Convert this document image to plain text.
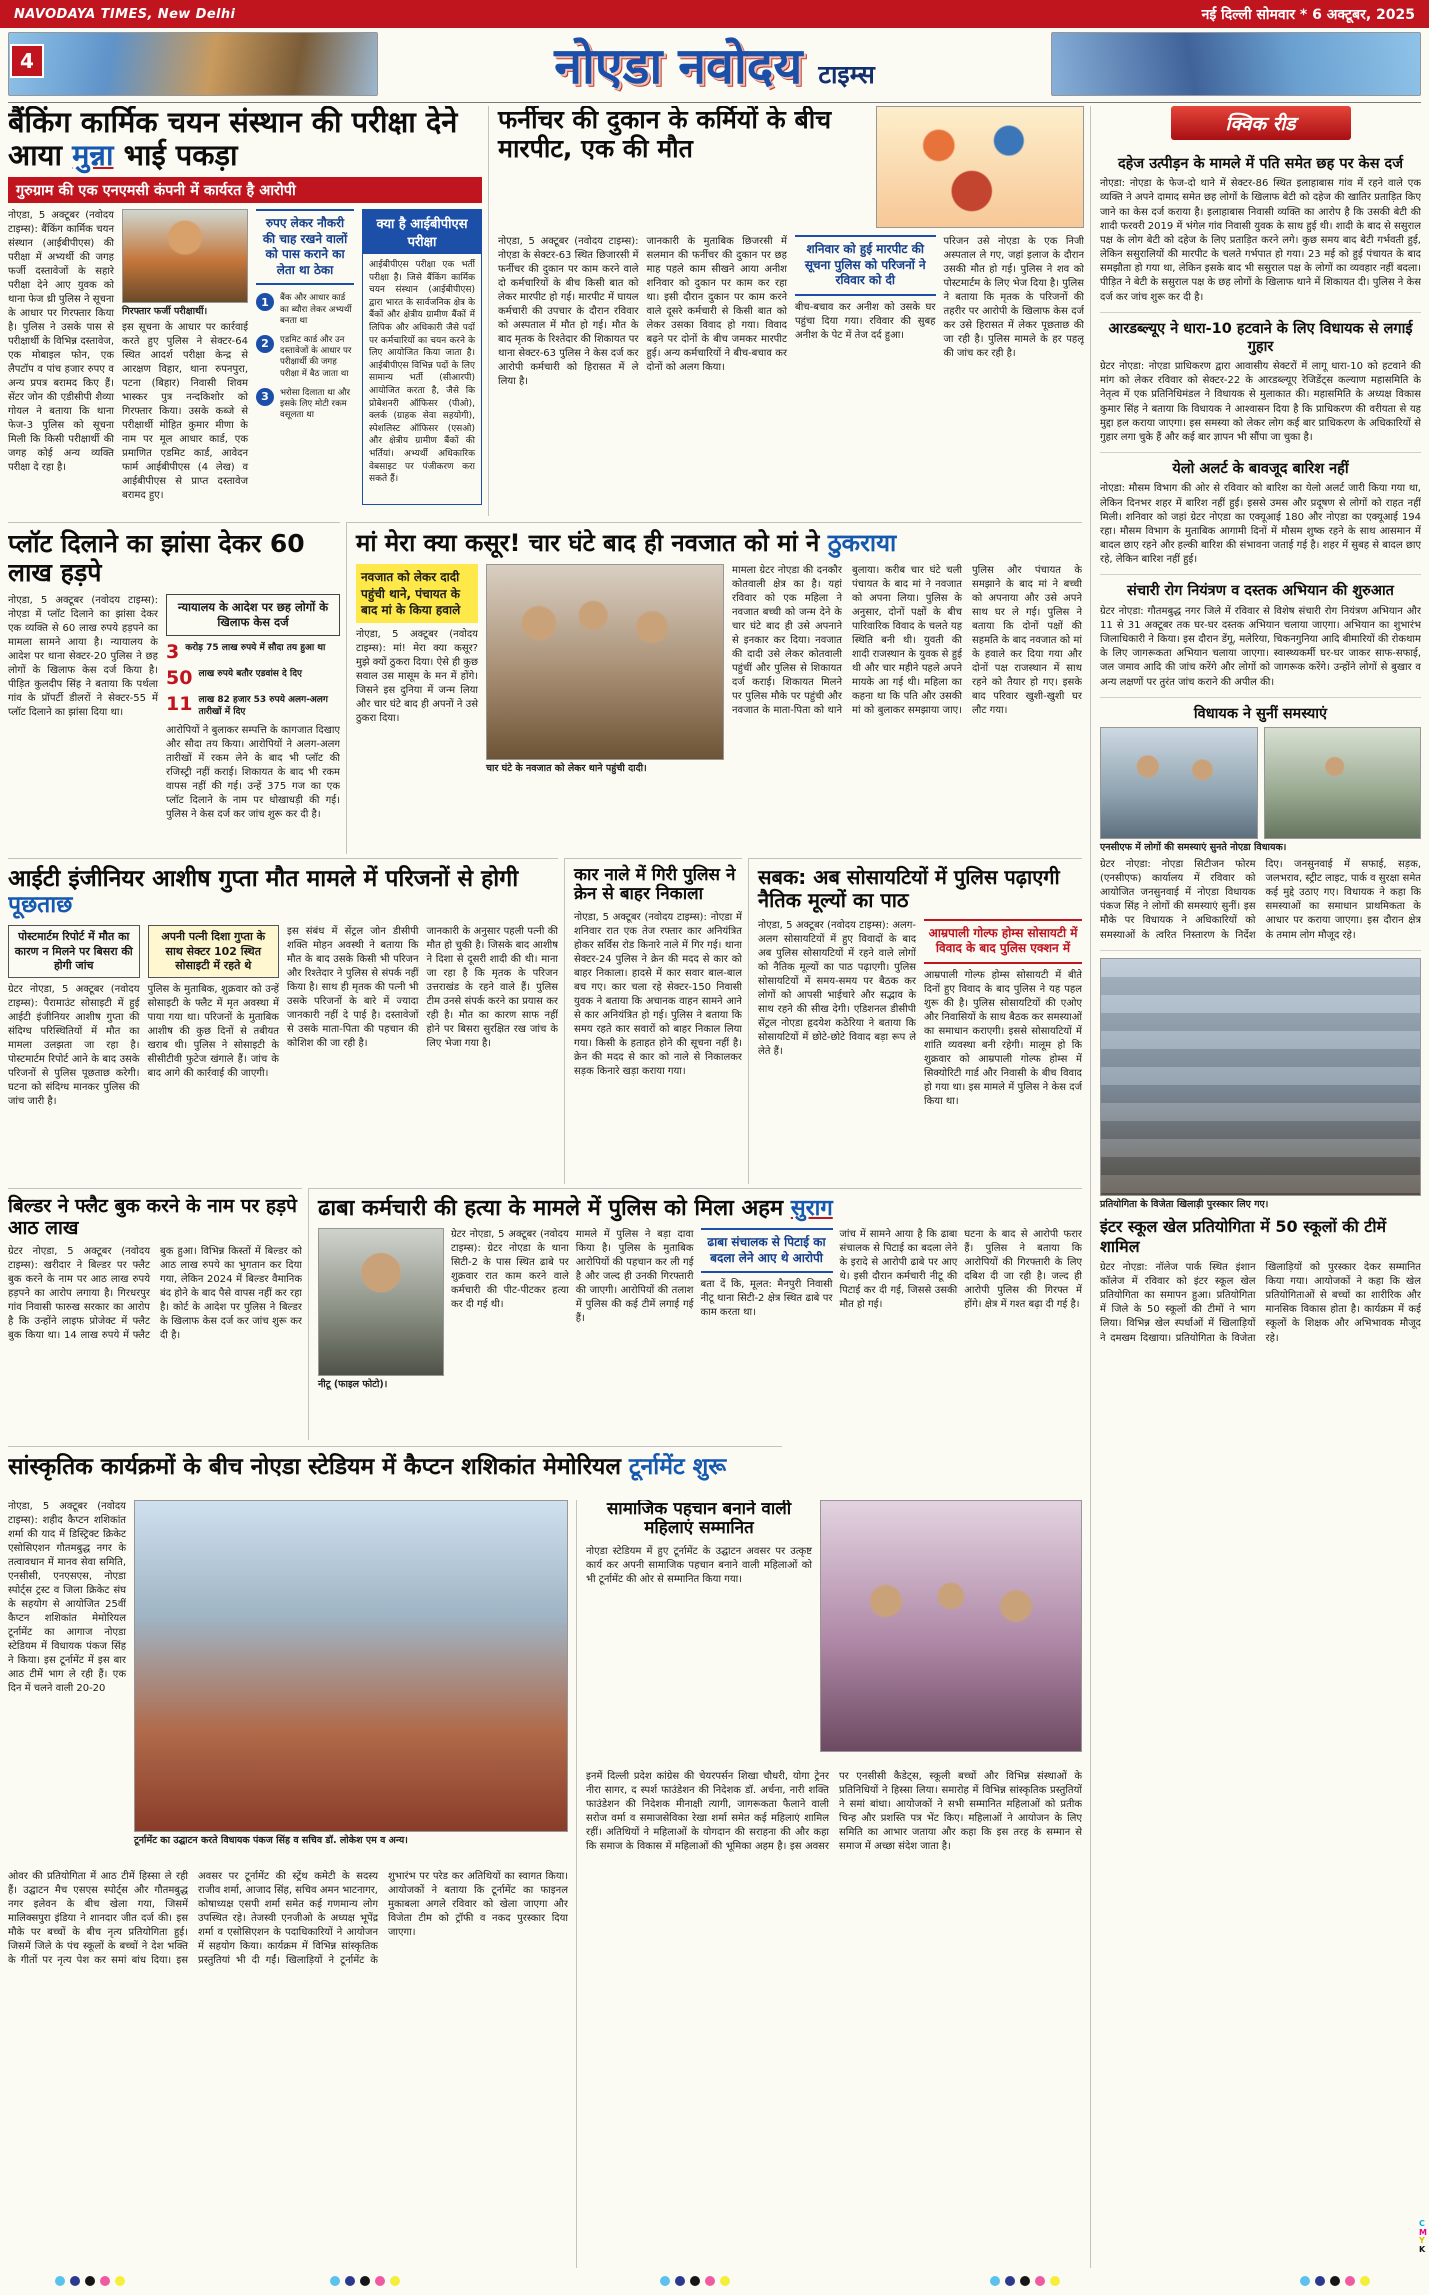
NAVODAYA TIMES, New Delhi	नई दिल्ली सोमवार * 6 अक्टूबर, 2025
नोएडा नवोदय टाइम्स
4
बैंकिंग कार्मिक चयन संस्थान की परीक्षा देने आया मुन्ना भाई पकड़ा
गुरुग्राम की एक एनएमसी कंपनी में कार्यरत है आरोपी
नोएडा, 5 अक्टूबर (नवोदय टाइम्स): बैंकिंग कार्मिक चयन संस्थान (आईबीपीएस) की परीक्षा में अभ्यर्थी की जगह फर्जी दस्तावेजों के सहारे परीक्षा देने आए युवक को थाना फेज थ्री पुलिस ने सूचना के आधार पर गिरफ्तार किया है। पुलिस ने उसके पास से परीक्षार्थी के विभिन्न दस्तावेज, एक मोबाइल फोन, एक लैपटॉप व पांच हजार रुपए व अन्य प्रपत्र बरामद किए हैं। सेंटर जोन की एडीसीपी शैव्या गोयल ने बताया कि थाना फेज-3 पुलिस को सूचना मिली कि किसी परीक्षार्थी की जगह कोई अन्य व्यक्ति परीक्षा दे रहा है।
गिरफ्तार फर्जी परीक्षार्थी।
इस सूचना के आधार पर कार्रवाई करते हुए पुलिस ने सेक्टर-64 स्थित आदर्श परीक्षा केन्द्र से आरक्षण विहार, थाना रुपनपुरा, पटना (बिहार) निवासी शिवम भास्कर पुत्र नन्दकिशोर को गिरफ्तार किया। उसके कब्जे से परीक्षार्थी मोहित कुमार मीणा के नाम पर मूल आधार कार्ड, एक प्रमाणित एडमिट कार्ड, आवेदन फार्म आईबीपीएस (4 लेख) व आईबीपीएस से प्राप्त दस्तावेज बरामद हुए।
रुपए लेकर नौकरी की चाह रखने वालों को पास कराने का लेता था ठेका
1	बैंक और आधार कार्ड का ब्यौरा लेकर अभ्यर्थी बनता था
2	एडमिट कार्ड और उन दस्तावेजों के आधार पर परीक्षार्थी की जगह परीक्षा में बैठ जाता था
3	भरोसा दिलाता था और इसके लिए मोटी रकम वसूलता था
क्या है आईबीपीएस परीक्षा
आईबीपीएस परीक्षा एक भर्ती परीक्षा है। जिसे बैंकिंग कार्मिक चयन संस्थान (आईबीपीएस) द्वारा भारत के सार्वजनिक क्षेत्र के बैंकों और क्षेत्रीय ग्रामीण बैंकों में लिपिक और अधिकारी जैसे पदों पर कर्मचारियों का चयन करने के लिए आयोजित किया जाता है। आईबीपीएस विभिन्न पदों के लिए सामान्य भर्ती (सीआरपी) आयोजित करता है, जैसे कि प्रोबेशनरी ऑफिसर (पीओ), क्लर्क (ग्राहक सेवा सहयोगी), स्पेशलिस्ट ऑफिसर (एसओ) और क्षेत्रीय ग्रामीण बैंकों की भर्तियां। अभ्यर्थी अधिकारिक वेबसाइट पर पंजीकरण करा सकते हैं।
फर्नीचर की दुकान के कर्मियों के बीच मारपीट, एक की मौत
नोएडा, 5 अक्टूबर (नवोदय टाइम्स): नोएडा के सेक्टर-63 स्थित छिजारसी में फर्नीचर की दुकान पर काम करने वाले दो कर्मचारियों के बीच किसी बात को लेकर मारपीट हो गई। मारपीट में घायल कर्मचारी की उपचार के दौरान रविवार को अस्पताल में मौत हो गई। मौत के बाद मृतक के रिश्तेदार की शिकायत पर थाना सेक्टर-63 पुलिस ने केस दर्ज कर आरोपी कर्मचारी को हिरासत में ले लिया है।
जानकारी के मुताबिक छिजरसी में सलमान की फर्नीचर की दुकान पर छह माह पहले काम सीखने आया अनीश शनिवार को दुकान पर काम कर रहा था। इसी दौरान दुकान पर काम करने वाले दूसरे कर्मचारी से किसी बात को लेकर उसका विवाद हो गया। विवाद बढ़ने पर दोनों के बीच जमकर मारपीट हुई। अन्य कर्मचारियों ने बीच-बचाव कर दोनों को अलग किया।
शनिवार को हुई मारपीट की सूचना पुलिस को परिजनों ने रविवार को दी
बीच-बचाव कर अनीश को उसके घर पहुंचा दिया गया। रविवार की सुबह अनीश के पेट में तेज दर्द हुआ।
परिजन उसे नोएडा के एक निजी अस्पताल ले गए, जहां इलाज के दौरान उसकी मौत हो गई। पुलिस ने शव को पोस्टमार्टम के लिए भेज दिया है। पुलिस ने बताया कि मृतक के परिजनों की तहरीर पर आरोपी के खिलाफ केस दर्ज कर उसे हिरासत में लेकर पूछताछ की जा रही है। पुलिस मामले के हर पहलू की जांच कर रही है।
क्विक रीड
दहेज उत्पीड़न के मामले में पति समेत छह पर केस दर्ज
नोएडा: नोएडा के फेज-दो थाने में सेक्टर-86 स्थित इलाहाबास गांव में रहने वाले एक व्यक्ति ने अपने दामाद समेत छह लोगों के खिलाफ बेटी को दहेज की खातिर प्रताड़ित किए जाने का केस दर्ज कराया है। इलाहाबास निवासी व्यक्ति का आरोप है कि उसकी बेटी की शादी फरवरी 2019 में भंगेल गांव निवासी युवक के साथ हुई थी। शादी के बाद से ससुराल पक्ष के लोग बेटी को दहेज के लिए प्रताड़ित करने लगे। कुछ समय बाद बेटी गर्भवती हुई, लेकिन ससुरालियों की मारपीट के चलते गर्भपात हो गया। 23 मई को हुई पंचायत के बाद समझौता हो गया था, लेकिन इसके बाद भी ससुराल पक्ष के लोगों का व्यवहार नहीं बदला। पीड़ित ने बेटी के ससुराल पक्ष के छह लोगों के खिलाफ थाने में शिकायत दी। पुलिस ने केस दर्ज कर जांच शुरू कर दी है।
आरडब्ल्यूए ने धारा-10 हटवाने के लिए विधायक से लगाई गुहार
ग्रेटर नोएडा: नोएडा प्राधिकरण द्वारा आवासीय सेक्टरों में लागू धारा-10 को हटवाने की मांग को लेकर रविवार को सेक्टर-22 के आरडब्ल्यूए रेजिडेंट्स कल्याण महासमिति के नेतृत्व में एक प्रतिनिधिमंडल ने विधायक से मुलाकात की। महासमिति के अध्यक्ष विकास कुमार सिंह ने बताया कि विधायक ने आश्वासन दिया है कि प्राधिकरण की वरीयता से यह मुद्दा हल कराया जाएगा। इस समस्या को लेकर लोग कई बार प्राधिकरण के अधिकारियों से गुहार लगा चुके हैं और कई बार ज्ञापन भी सौंपा जा चुका है।
येलो अलर्ट के बावजूद बारिश नहीं
नोएडा: मौसम विभाग की ओर से रविवार को बारिश का येलो अलर्ट जारी किया गया था, लेकिन दिनभर शहर में बारिश नहीं हुई। इससे उमस और प्रदूषण से लोगों को राहत नहीं मिली। शनिवार को जहां ग्रेटर नोएडा का एक्यूआई 180 और नोएडा का एक्यूआई 194 रहा। मौसम विभाग के मुताबिक आगामी दिनों में मौसम शुष्क रहने के साथ आसमान में बादल छाए रहने और हल्की बारिश की संभावना जताई गई है। शहर में सुबह से बादल छाए रहे, लेकिन बारिश नहीं हुई।
संचारी रोग नियंत्रण व दस्तक अभियान की शुरुआत
ग्रेटर नोएडा: गौतमबुद्ध नगर जिले में रविवार से विशेष संचारी रोग नियंत्रण अभियान और 11 से 31 अक्टूबर तक घर-घर दस्तक अभियान चलाया जाएगा। अभियान का शुभारंभ जिलाधिकारी ने किया। इस दौरान डेंगू, मलेरिया, चिकनगुनिया आदि बीमारियों की रोकथाम के लिए जागरूकता अभियान चलाया जाएगा। स्वास्थ्यकर्मी घर-घर जाकर साफ-सफाई, जल जमाव आदि की जांच करेंगे और लोगों को जागरूक करेंगे। उन्होंने लोगों से बुखार व अन्य लक्षणों पर तुरंत जांच कराने की अपील की।
विधायक ने सुनीं समस्याएं
एनसीएफ में लोगों की समस्याएं सुनते नोएडा विधायक।
ग्रेटर नोएडा: नोएडा सिटीजन फोरम (एनसीएफ) कार्यालय में रविवार को आयोजित जनसुनवाई में नोएडा विधायक पंकज सिंह ने लोगों की समस्याएं सुनीं। इस मौके पर विधायक ने अधिकारियों को समस्याओं के त्वरित निस्तारण के निर्देश दिए। जनसुनवाई में सफाई, सड़क, जलभराव, स्ट्रीट लाइट, पार्क व सुरक्षा समेत कई मुद्दे उठाए गए। विधायक ने कहा कि समस्याओं का समाधान प्राथमिकता के आधार पर कराया जाएगा। इस दौरान क्षेत्र के तमाम लोग मौजूद रहे।
प्रतियोगिता के विजेता खिलाड़ी पुरस्कार लिए गए।
इंटर स्कूल खेल प्रतियोगिता में 50 स्कूलों की टीमें शामिल
ग्रेटर नोएडा: नॉलेज पार्क स्थित इंशान कॉलेज में रविवार को इंटर स्कूल खेल प्रतियोगिता का समापन हुआ। प्रतियोगिता में जिले के 50 स्कूलों की टीमों ने भाग लिया। विभिन्न खेल स्पर्धाओं में खिलाड़ियों ने दमखम दिखाया। प्रतियोगिता के विजेता खिलाड़ियों को पुरस्कार देकर सम्मानित किया गया। आयोजकों ने कहा कि खेल प्रतियोगिताओं से बच्चों का शारीरिक और मानसिक विकास होता है। कार्यक्रम में कई स्कूलों के शिक्षक और अभिभावक मौजूद रहे।
प्लॉट दिलाने का झांसा देकर 60 लाख हड़पे
नोएडा, 5 अक्टूबर (नवोदय टाइम्स): नोएडा में प्लॉट दिलाने का झांसा देकर एक व्यक्ति से 60 लाख रुपये हड़पने का मामला सामने आया है। न्यायालय के आदेश पर थाना सेक्टर-20 पुलिस ने छह लोगों के खिलाफ केस दर्ज किया है। पीड़ित कुलदीप सिंह ने बताया कि पर्थला गांव के प्रॉपर्टी डीलरों ने सेक्टर-55 में प्लॉट दिलाने का झांसा दिया था।
न्यायालय के आदेश पर छह लोगों के खिलाफ केस दर्ज
3 करोड़ 75 लाख रुपये में सौदा तय हुआ था
50 लाख रुपये बतौर एडवांस दे दिए
11 लाख 82 हजार 53 रुपये अलग-अलग तारीखों में दिए
आरोपियों ने बुलाकर सम्पत्ति के कागजात दिखाए और सौदा तय किया। आरोपियों ने अलग-अलग तारीखों में रकम लेने के बाद भी प्लॉट की रजिस्ट्री नहीं कराई। शिकायत के बाद भी रकम वापस नहीं की गई। उन्हें 375 गज का एक प्लॉट दिलाने के नाम पर धोखाधड़ी की गई। पुलिस ने केस दर्ज कर जांच शुरू कर दी है।
मां मेरा क्या कसूर! चार घंटे बाद ही नवजात को मां ने ठुकराया
नवजात को लेकर दादी पहुंची थाने, पंचायत के बाद मां के किया हवाले
नोएडा, 5 अक्टूबर (नवोदय टाइम्स): मां! मेरा क्या कसूर? मुझे क्यों ठुकरा दिया। ऐसे ही कुछ सवाल उस मासूम के मन में होंगे। जिसने इस दुनिया में जन्म लिया और चार घंटे बाद ही अपनों ने उसे ठुकरा दिया।
चार घंटे के नवजात को लेकर थाने पहुंची दादी।
मामला ग्रेटर नोएडा की दनकौर कोतवाली क्षेत्र का है। यहां रविवार को एक महिला ने नवजात बच्ची को जन्म देने के चार घंटे बाद ही उसे अपनाने से इनकार कर दिया। नवजात की दादी उसे लेकर कोतवाली पहुंचीं और पुलिस से शिकायत दर्ज कराई। शिकायत मिलने पर पुलिस मौके पर पहुंची और नवजात के माता-पिता को थाने बुलाया। करीब चार घंटे चली पंचायत के बाद मां ने नवजात को अपना लिया। पुलिस के अनुसार, दोनों पक्षों के बीच पारिवारिक विवाद के चलते यह स्थिति बनी थी। युवती की शादी राजस्थान के युवक से हुई थी और चार महीने पहले अपने मायके आ गई थी। महिला का कहना था कि पति और उसकी मां को बुलाकर समझाया जाए। पुलिस और पंचायत के समझाने के बाद मां ने बच्ची को अपनाया और उसे अपने साथ घर ले गई। पुलिस ने बताया कि दोनों पक्षों की सहमति के बाद नवजात को मां के हवाले कर दिया गया और दोनों पक्ष राजस्थान में साथ रहने को तैयार हो गए। इसके बाद परिवार खुशी-खुशी घर लौट गया।
आईटी इंजीनियर आशीष गुप्ता मौत मामले में परिजनों से होगी पूछताछ
पोस्टमार्टम रिपोर्ट में मौत का कारण न मिलने पर बिसरा की होगी जांच
ग्रेटर नोएडा, 5 अक्टूबर (नवोदय टाइम्स): पैरामाउंट सोसाइटी में हुई आईटी इंजीनियर आशीष गुप्ता की संदिग्ध परिस्थितियों में मौत का मामला उलझता जा रहा है। पोस्टमार्टम रिपोर्ट आने के बाद उसके परिजनों से पुलिस पूछताछ करेगी। घटना को संदिग्ध मानकर पुलिस की जांच जारी है।
अपनी पत्नी दिशा गुप्ता के साथ सेक्टर 102 स्थित सोसाइटी में रहते थे
पुलिस के मुताबिक, शुक्रवार को उन्हें सोसाइटी के फ्लैट में मृत अवस्था में पाया गया था। परिजनों के मुताबिक आशीष की कुछ दिनों से तबीयत खराब थी। पुलिस ने सोसाइटी के सीसीटीवी फुटेज खंगाले हैं। जांच के बाद आगे की कार्रवाई की जाएगी।
इस संबंध में सेंट्रल जोन डीसीपी शक्ति मोहन अवस्थी ने बताया कि मौत के बाद उसके किसी भी परिजन और रिश्तेदार ने पुलिस से संपर्क नहीं किया है। साथ ही मृतक की पत्नी भी उसके परिजनों के बारे में ज्यादा जानकारी नहीं दे पाई है। दस्तावेजों से उसके माता-पिता की पहचान की कोशिश की जा रही है।
जानकारी के अनुसार पहली पत्नी की मौत हो चुकी है। जिसके बाद आशीष ने दिशा से दूसरी शादी की थी। माना जा रहा है कि मृतक के परिजन उत्तराखंड के रहने वाले हैं। पुलिस टीम उनसे संपर्क करने का प्रयास कर रही है। मौत का कारण साफ नहीं होने पर बिसरा सुरक्षित रख जांच के लिए भेजा गया है।
कार नाले में गिरी पुलिस ने क्रेन से बाहर निकाला
नोएडा, 5 अक्टूबर (नवोदय टाइम्स): नोएडा में शनिवार रात एक तेज रफ्तार कार अनियंत्रित होकर सर्विस रोड किनारे नाले में गिर गई। थाना सेक्टर-24 पुलिस ने क्रेन की मदद से कार को बाहर निकाला। हादसे में कार सवार बाल-बाल बच गए। कार चला रहे सेक्टर-150 निवासी युवक ने बताया कि अचानक वाहन सामने आने से कार अनियंत्रित हो गई। पुलिस ने बताया कि समय रहते कार सवारों को बाहर निकाल लिया गया। किसी के हताहत होने की सूचना नहीं है। क्रेन की मदद से कार को नाले से निकालकर सड़क किनारे खड़ा कराया गया।
सबक: अब सोसायटियों में पुलिस पढ़ाएगी नैतिक मूल्यों का पाठ
नोएडा, 5 अक्टूबर (नवोदय टाइम्स): अलग-अलग सोसायटियों में हुए विवादों के बाद अब पुलिस सोसायटियों में रहने वाले लोगों को नैतिक मूल्यों का पाठ पढ़ाएगी। पुलिस सोसायटियों में समय-समय पर बैठक कर लोगों को आपसी भाईचारे और सद्भाव के साथ रहने की सीख देगी। एडिशनल डीसीपी सेंट्रल नोएडा हृदयेश कठेरिया ने बताया कि सोसायटियों में छोटे-छोटे विवाद बड़ा रूप ले लेते हैं।
आम्रपाली गोल्फ होम्स सोसायटी में विवाद के बाद पुलिस एक्शन में
आम्रपाली गोल्फ होम्स सोसायटी में बीते दिनों हुए विवाद के बाद पुलिस ने यह पहल शुरू की है। पुलिस सोसायटियों की एओए और निवासियों के साथ बैठक कर समस्याओं का समाधान कराएगी। इससे सोसायटियों में शांति व्यवस्था बनी रहेगी। मालूम हो कि शुक्रवार को आम्रपाली गोल्फ होम्स में सिक्योरिटी गार्ड और निवासी के बीच विवाद हो गया था। इस मामले में पुलिस ने केस दर्ज किया था।
बिल्डर ने फ्लैट बुक करने के नाम पर हड़पे आठ लाख
ग्रेटर नोएडा, 5 अक्टूबर (नवोदय टाइम्स): खरीदार ने बिल्डर पर फ्लैट बुक करने के नाम पर आठ लाख रुपये हड़पने का आरोप लगाया है। गिरधरपुर गांव निवासी फारुख सरकार का आरोप है कि उन्होंने लाइफ प्रोजेक्ट में फ्लैट बुक किया था। 14 लाख रुपये में फ्लैट बुक हुआ। विभिन्न किस्तों में बिल्डर को आठ लाख रुपये का भुगतान कर दिया गया, लेकिन 2024 में बिल्डर वैमानिक बंद होने के बाद पैसे वापस नहीं कर रहा है। कोर्ट के आदेश पर पुलिस ने बिल्डर के खिलाफ केस दर्ज कर जांच शुरू कर दी है।
ढाबा कर्मचारी की हत्या के मामले में पुलिस को मिला अहम सुराग
नीटू (फाइल फोटो)।
ग्रेटर नोएडा, 5 अक्टूबर (नवोदय टाइम्स): ग्रेटर नोएडा के थाना सिटी-2 के पास स्थित ढाबे पर शुक्रवार रात काम करने वाले कर्मचारी की पीट-पीटकर हत्या कर दी गई थी।
मामले में पुलिस ने बड़ा दावा किया है। पुलिस के मुताबिक आरोपियों की पहचान कर ली गई है और जल्द ही उनकी गिरफ्तारी की जाएगी। आरोपियों की तलाश में पुलिस की कई टीमें लगाई गई हैं।
ढाबा संचालक से पिटाई का बदला लेने आए थे आरोपी
बता दें कि, मूलत: मैनपुरी निवासी नीटू थाना सिटी-2 क्षेत्र स्थित ढाबे पर काम करता था।
जांच में सामने आया है कि ढाबा संचालक से पिटाई का बदला लेने के इरादे से आरोपी ढाबे पर आए थे। इसी दौरान कर्मचारी नीटू की पिटाई कर दी गई, जिससे उसकी मौत हो गई।
घटना के बाद से आरोपी फरार हैं। पुलिस ने बताया कि आरोपियों की गिरफ्तारी के लिए दबिश दी जा रही है। जल्द ही आरोपी पुलिस की गिरफ्त में होंगे। क्षेत्र में गश्त बढ़ा दी गई है।
सांस्कृतिक कार्यक्रमों के बीच नोएडा स्टेडियम में कैप्टन शशिकांत मेमोरियल टूर्नामेंट शुरू
नोएडा, 5 अक्टूबर (नवोदय टाइम्स): शहीद कैप्टन शशिकांत शर्मा की याद में डिस्ट्रिक्ट क्रिकेट एसोसिएशन गौतमबुद्ध नगर के तत्वावधान में मानव सेवा समिति, एनसीसी, एनएसएस, नोएडा स्पोर्ट्स ट्रस्ट व जिला क्रिकेट संघ के सहयोग से आयोजित 25वीं कैप्टन शशिकांत मेमोरियल टूर्नामेंट का आगाज नोएडा स्टेडियम में विधायक पंकज सिंह ने किया। इस टूर्नामेंट में इस बार आठ टीमें भाग ले रही हैं। एक दिन में चलने वाली 20-20
टूर्नामेंट का उद्घाटन करते विधायक पंकज सिंह व सचिव डॉ. लोकेश एम व अन्य।
ओवर की प्रतियोगिता में आठ टीमें हिस्सा ले रही हैं। उद्घाटन मैच एसएस स्पोर्ट्स और गौतमबुद्ध नगर इलेवन के बीच खेला गया, जिसमें मालिक्सपुरा इंडिया ने शानदार जीत दर्ज की। इस मौके पर बच्चों के बीच नृत्य प्रतियोगिता हुई। जिसमें जिले के पंच स्कूलों के बच्चों ने देश भक्ति के गीतों पर नृत्य पेश कर समां बांध दिया। इस अवसर पर टूर्नामेंट की स्ट्रेंथ कमेटी के सदस्य राजीव शर्मा, आजाद सिंह, सचिव अमन भाटनागर, कोषाध्यक्ष एसपी शर्मा समेत कई गणमान्य लोग उपस्थित रहे। तेजस्वी एनजीओ के अध्यक्ष भूपेंद्र शर्मा व एसोसिएशन के पदाधिकारियों ने आयोजन में सहयोग किया। कार्यक्रम में विभिन्न सांस्कृतिक प्रस्तुतियां भी दी गईं। खिलाड़ियों ने टूर्नामेंट के शुभारंभ पर परेड कर अतिथियों का स्वागत किया। आयोजकों ने बताया कि टूर्नामेंट का फाइनल मुकाबला अगले रविवार को खेला जाएगा और विजेता टीम को ट्रॉफी व नकद पुरस्कार दिया जाएगा।
सामाजिक पहचान बनाने वाली महिलाएं सम्मानित
नोएडा स्टेडियम में हुए टूर्नामेंट के उद्घाटन अवसर पर उत्कृष्ट कार्य कर अपनी सामाजिक पहचान बनाने वाली महिलाओं को भी टूर्नामेंट की ओर से सम्मानित किया गया।
इनमें दिल्ली प्रदेश कांग्रेस की चेयरपर्सन शिखा चौधरी, योगा ट्रेनर नीरा सागर, द स्पर्श फाउंडेशन की निदेशक डॉ. अर्चना, नारी शक्ति फाउंडेशन की निदेशक मीनाक्षी त्यागी, जागरूकता फैलाने वाली सरोज वर्मा व समाजसेविका रेखा शर्मा समेत कई महिलाएं शामिल रहीं। अतिथियों ने महिलाओं के योगदान की सराहना की और कहा कि समाज के विकास में महिलाओं की भूमिका अहम है। इस अवसर पर एनसीसी कैडेट्स, स्कूली बच्चों और विभिन्न संस्थाओं के प्रतिनिधियों ने हिस्सा लिया। समारोह में विभिन्न सांस्कृतिक प्रस्तुतियों ने समां बांधा। आयोजकों ने सभी सम्मानित महिलाओं को प्रतीक चिन्ह और प्रशस्ति पत्र भेंट किए। महिलाओं ने आयोजन के लिए समिति का आभार जताया और कहा कि इस तरह के सम्मान से समाज में अच्छा संदेश जाता है।
C
M
Y
K
